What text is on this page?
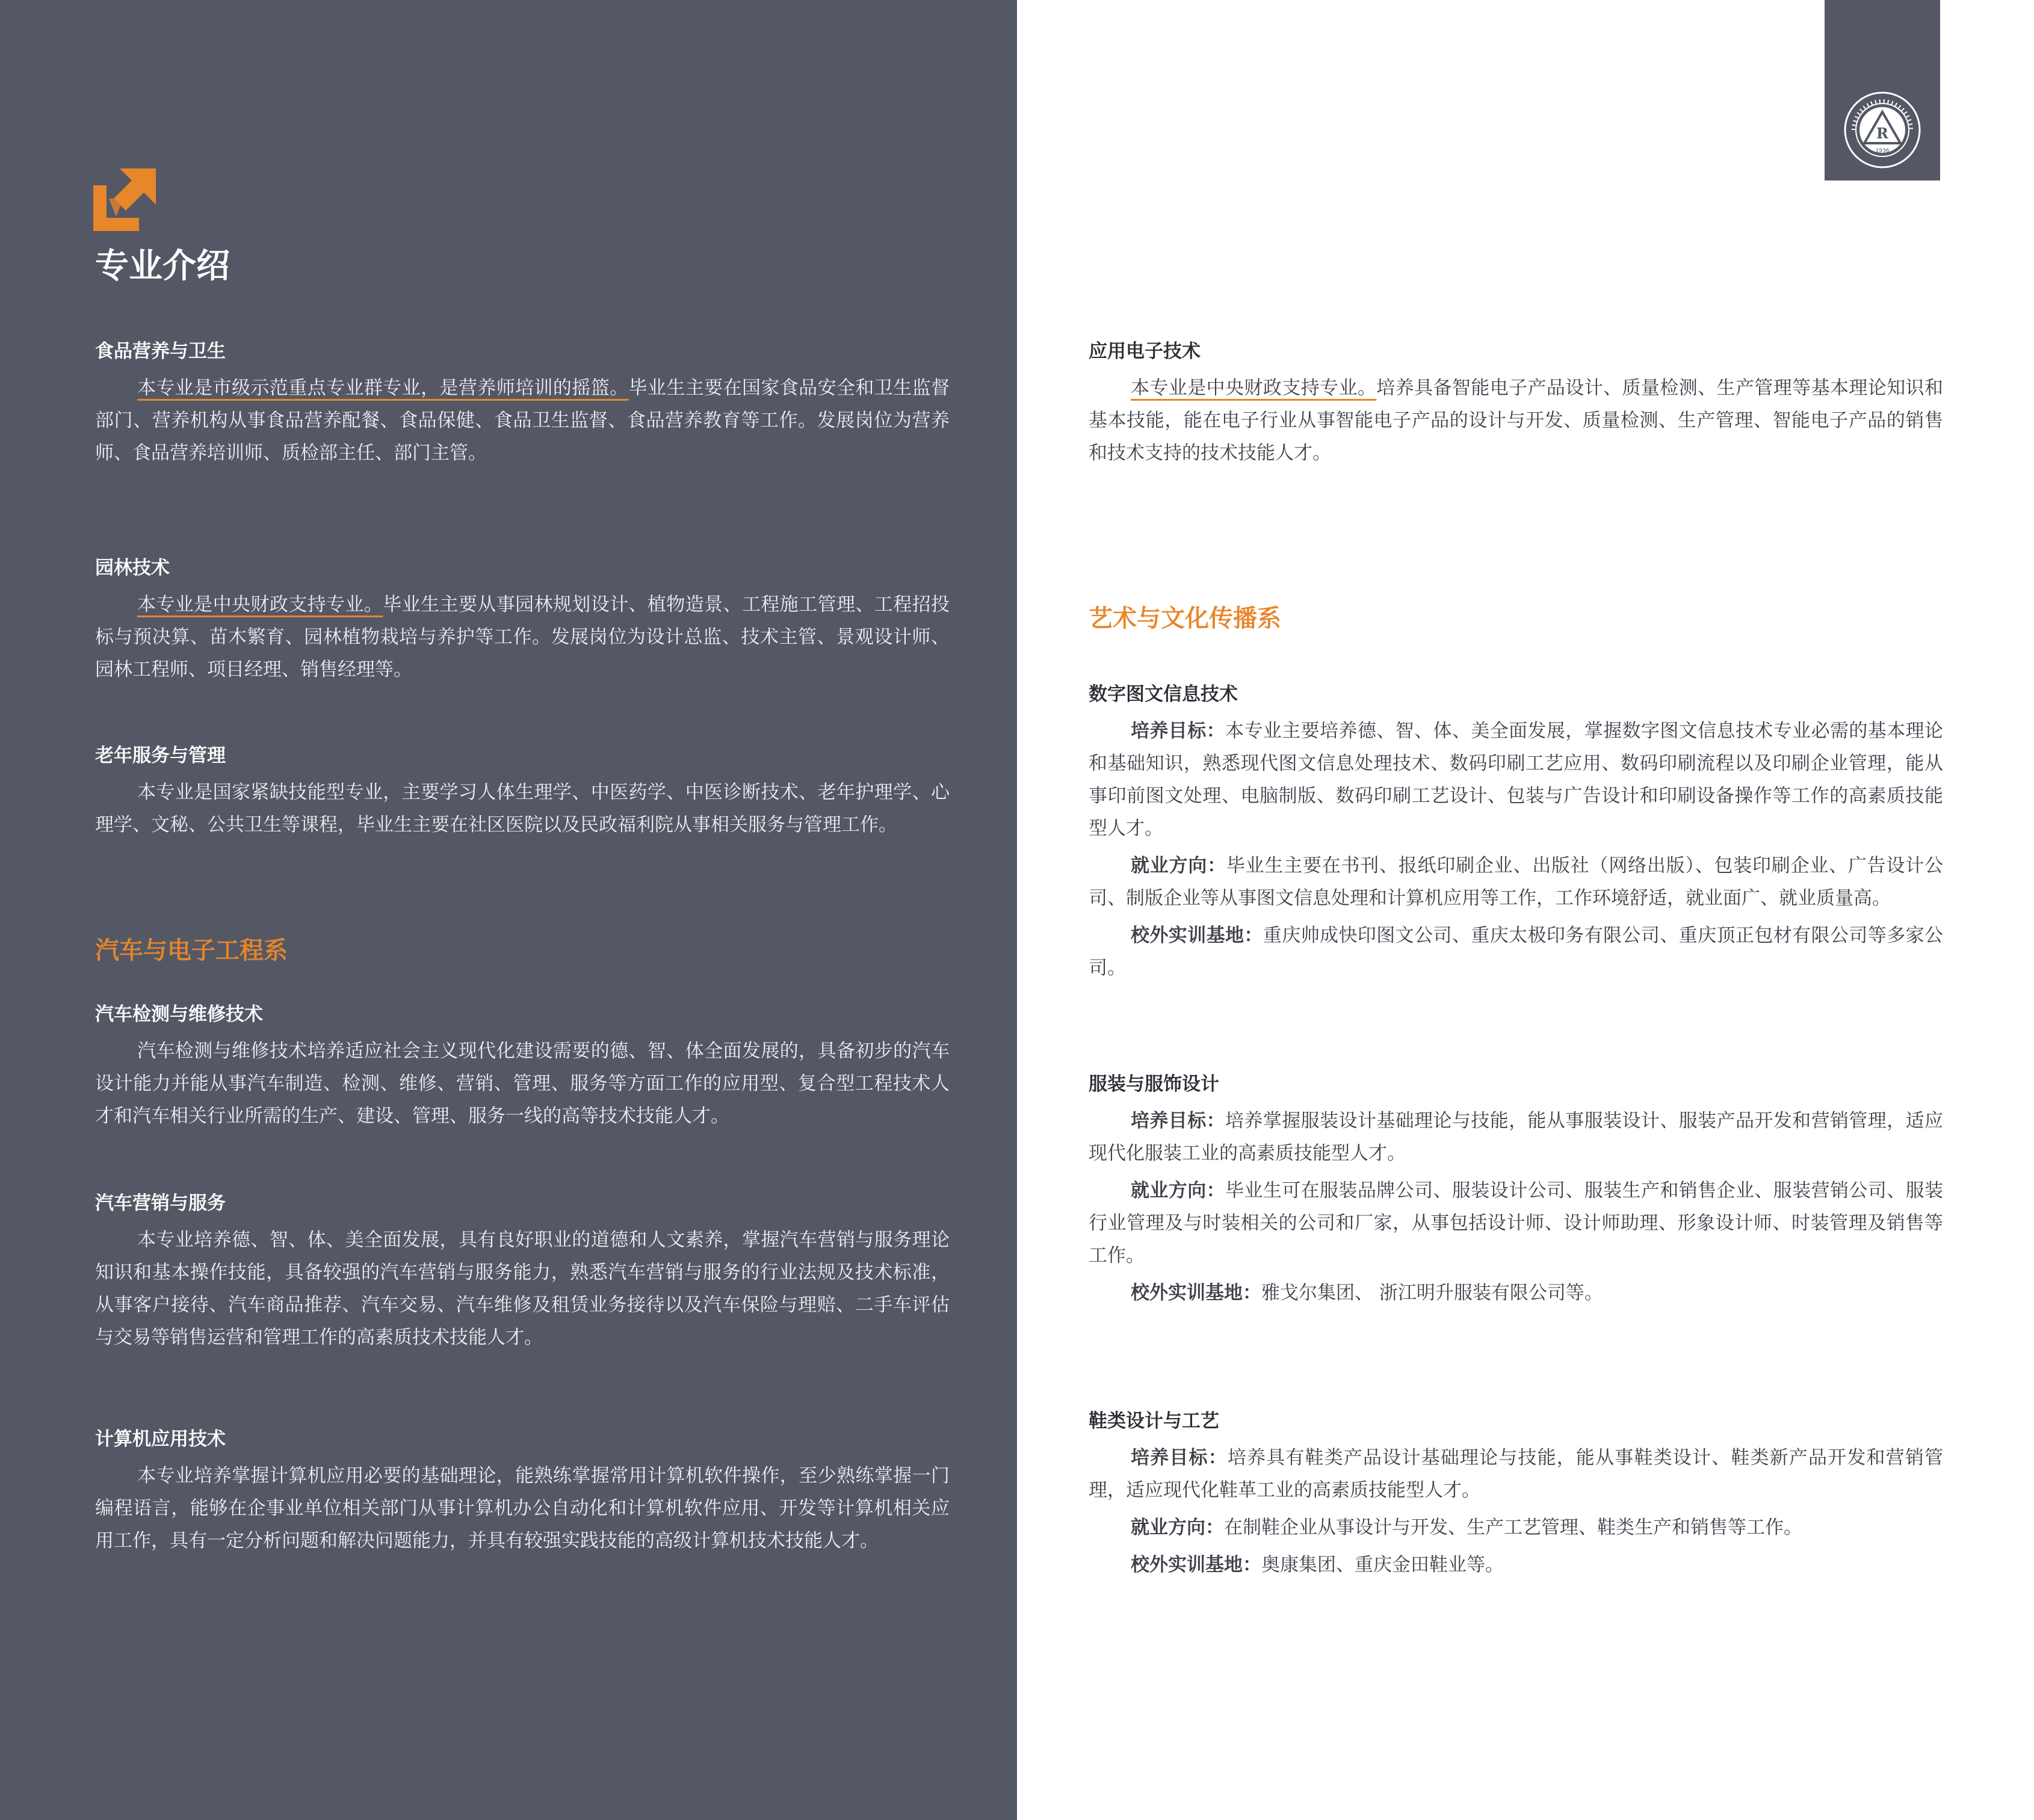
专业介绍
食品营养与卫生

本专业是市级示范重点专业群专业，是营养师培训的摇篮。毕业生主要在国家食品安全和卫生监督部门、营养机构从事食品营养配餐、食品保健、食品卫生监督、食品营养教育等工作。发展岗位为营养师、食品营养培训师、质检部主任、部门主管。

园林技术

本专业是中央财政支持专业。毕业生主要从事园林规划设计、植物造景、工程施工管理、工程招投标与预决算、苗木繁育、园林植物栽培与养护等工作。发展岗位为设计总监、技术主管、景观设计师、园林工程师、项目经理、销售经理等。

老年服务与管理

本专业是国家紧缺技能型专业，主要学习人体生理学、中医药学、中医诊断技术、老年护理学、心理学、文秘、公共卫生等课程，毕业生主要在社区医院以及民政福利院从事相关服务与管理工作。

汽车与电子工程系
汽车检测与维修技术

汽车检测与维修技术培养适应社会主义现代化建设需要的德、智、体全面发展的，具备初步的汽车设计能力并能从事汽车制造、检测、维修、营销、管理、服务等方面工作的应用型、复合型工程技术人才和汽车相关行业所需的生产、建设、管理、服务一线的高等技术技能人才。

汽车营销与服务

本专业培养德、智、体、美全面发展，具有良好职业的道德和人文素养，掌握汽车营销与服务理论知识和基本操作技能，具备较强的汽车营销与服务能力，熟悉汽车营销与服务的行业法规及技术标准，从事客户接待、汽车商品推荐、汽车交易、汽车维修及租赁业务接待以及汽车保险与理赔、二手车评估与交易等销售运营和管理工作的高素质技术技能人才。

计算机应用技术

本专业培养掌握计算机应用必要的基础理论，能熟练掌握常用计算机软件操作，至少熟练掌握一门编程语言，能够在企事业单位相关部门从事计算机办公自动化和计算机软件应用、开发等计算机相关应用工作，具有一定分析问题和解决问题能力，并具有较强实践技能的高级计算机技术技能人才。

R
1936
应用电子技术

本专业是中央财政支持专业。培养具备智能电子产品设计、质量检测、生产管理等基本理论知识和基本技能，能在电子行业从事智能电子产品的设计与开发、质量检测、生产管理、智能电子产品的销售和技术支持的技术技能人才。

艺术与文化传播系
数字图文信息技术

培养目标：本专业主要培养德、智、体、美全面发展，掌握数字图文信息技术专业必需的基本理论和基础知识，熟悉现代图文信息处理技术、数码印刷工艺应用、数码印刷流程以及印刷企业管理，能从事印前图文处理、电脑制版、数码印刷工艺设计、包装与广告设计和印刷设备操作等工作的高素质技能型人才。

就业方向：毕业生主要在书刊、报纸印刷企业、出版社（网络出版）、包装印刷企业、广告设计公司、制版企业等从事图文信息处理和计算机应用等工作，工作环境舒适，就业面广、就业质量高。

校外实训基地：重庆帅成快印图文公司、重庆太极印务有限公司、重庆顶正包材有限公司等多家公司。

服装与服饰设计

培养目标：培养掌握服装设计基础理论与技能，能从事服装设计、服装产品开发和营销管理，适应现代化服装工业的高素质技能型人才。

就业方向：毕业生可在服装品牌公司、服装设计公司、服装生产和销售企业、服装营销公司、服装行业管理及与时装相关的公司和厂家，从事包括设计师、设计师助理、形象设计师、时装管理及销售等工作。

校外实训基地：雅戈尔集团、 浙江明升服装有限公司等。

鞋类设计与工艺

培养目标：培养具有鞋类产品设计基础理论与技能，能从事鞋类设计、鞋类新产品开发和营销管理，适应现代化鞋革工业的高素质技能型人才。

就业方向：在制鞋企业从事设计与开发、生产工艺管理、鞋类生产和销售等工作。

校外实训基地：奥康集团、重庆金田鞋业等。
